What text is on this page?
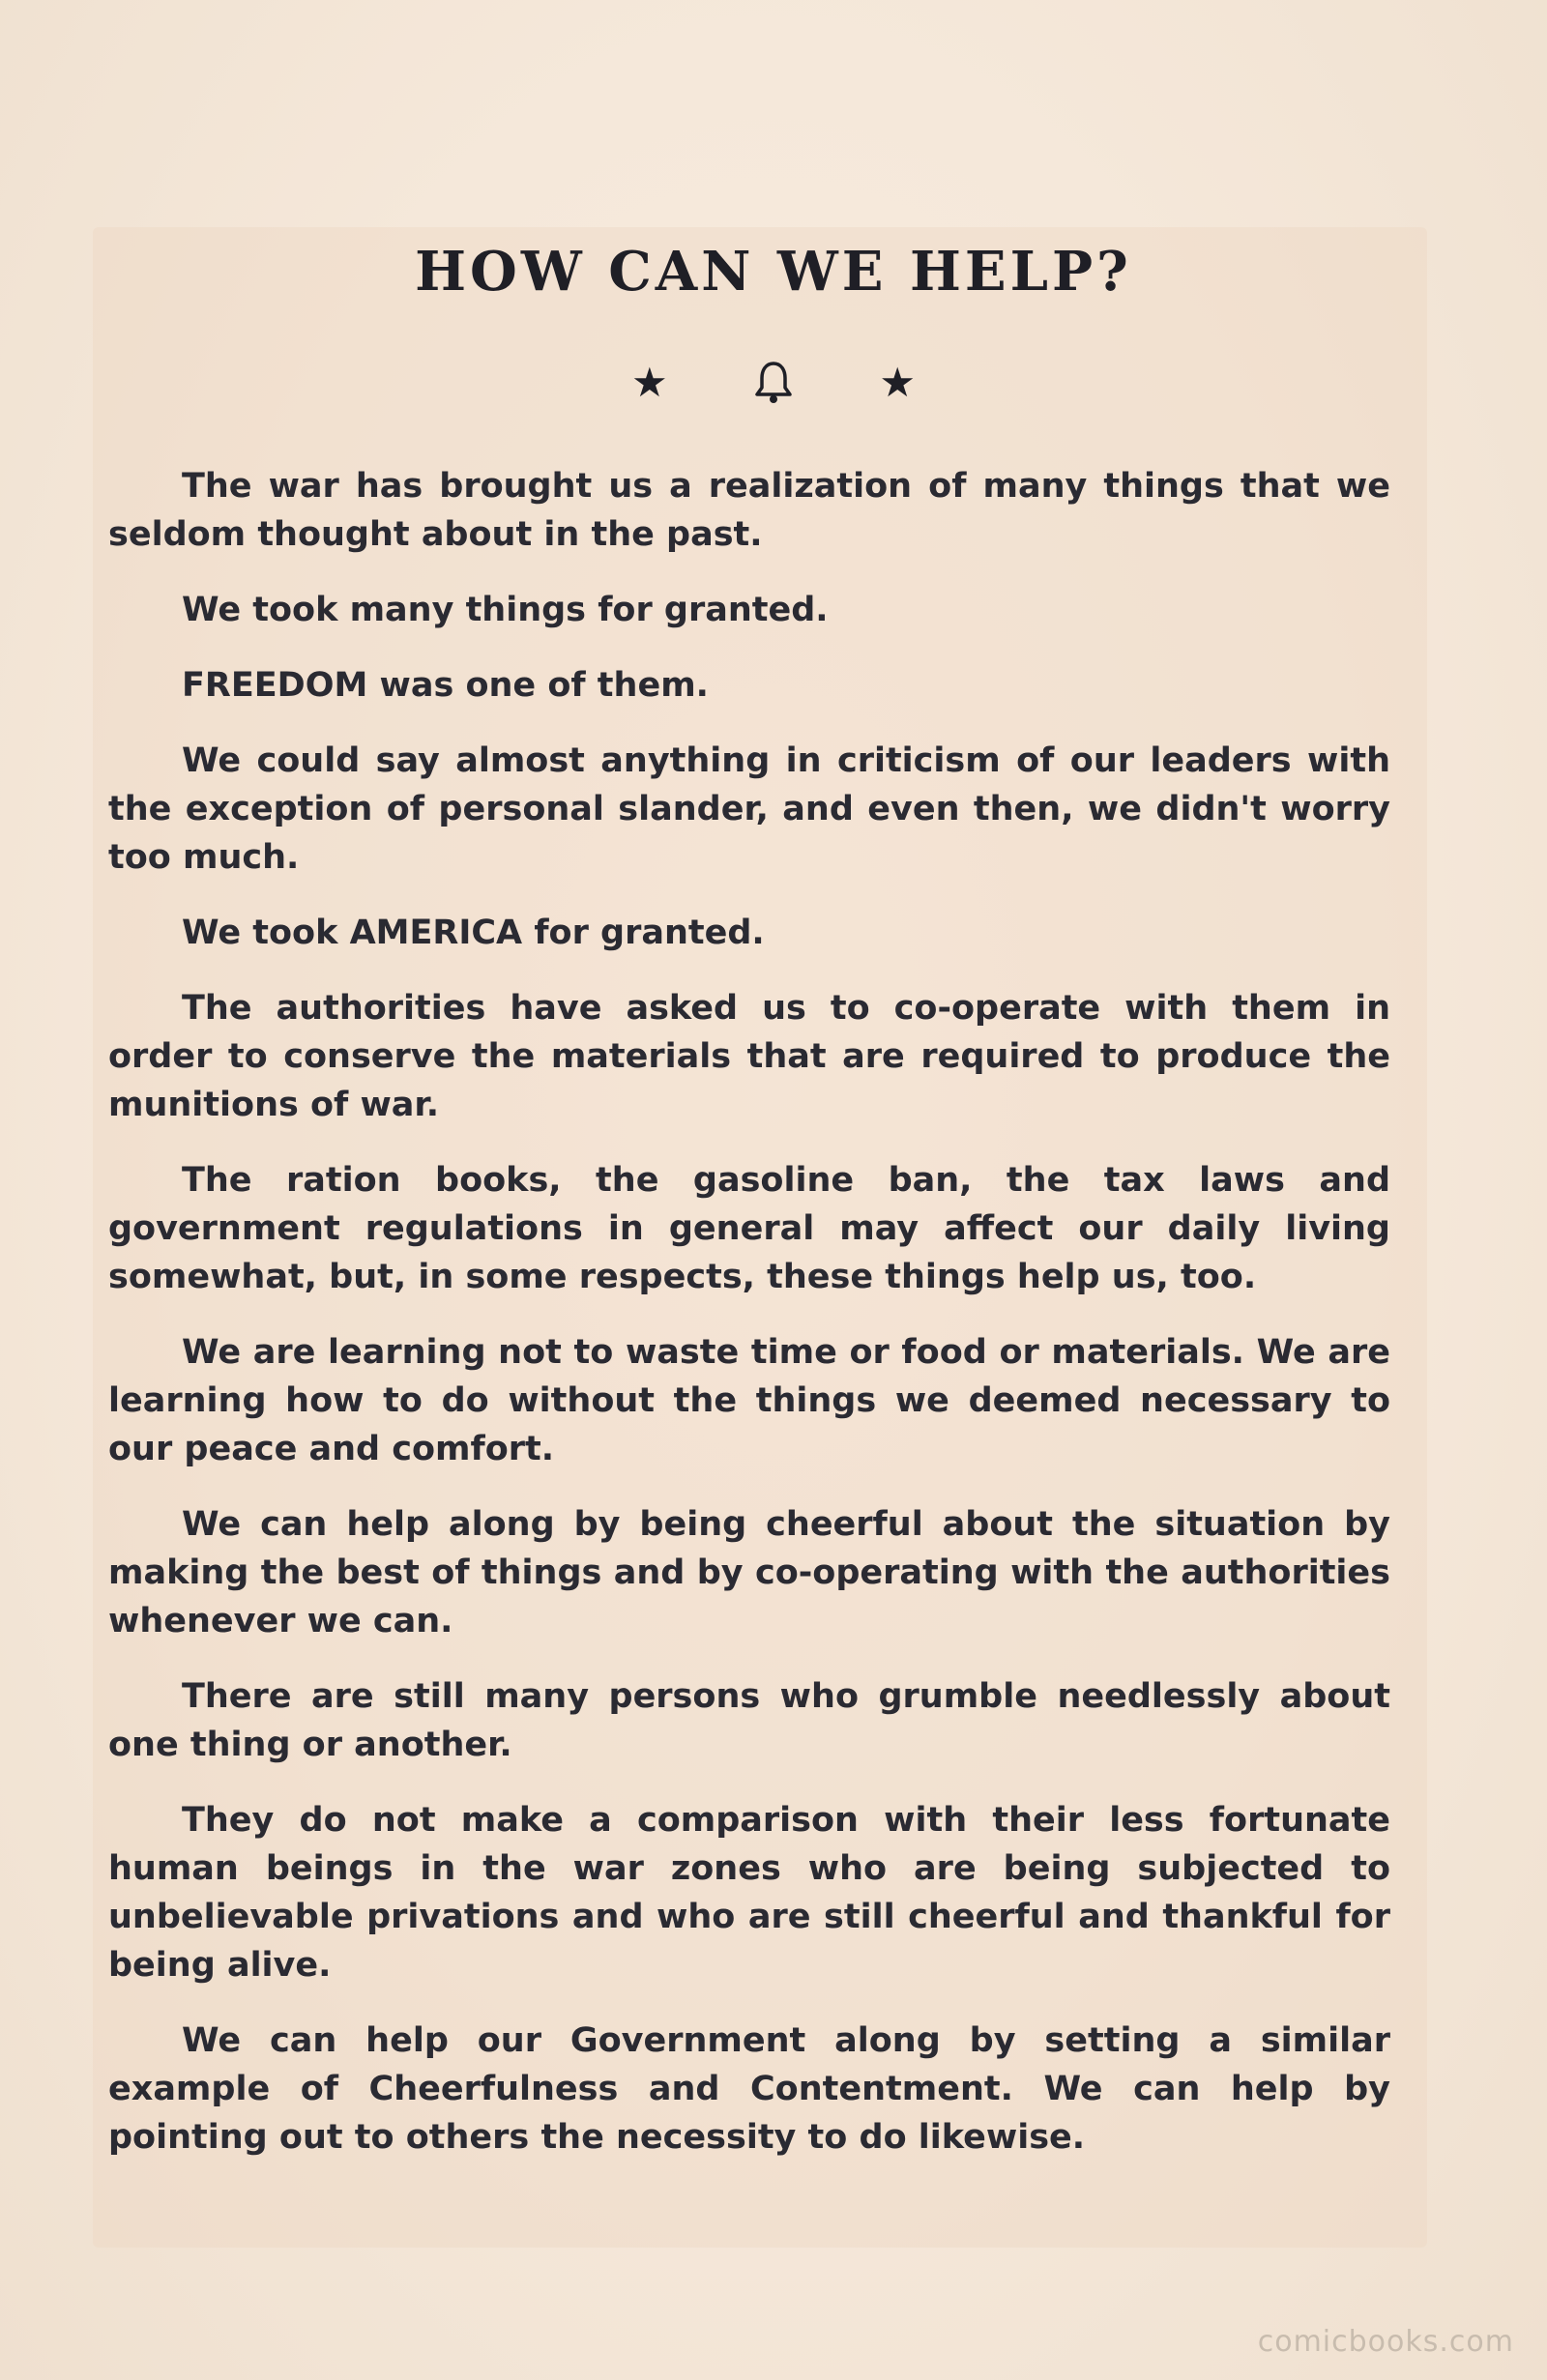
HOW CAN WE HELP?
★	★

The war has brought us a realization of many things that we seldom thought about in the past.

We took many things for granted.

FREEDOM was one of them.

We could say almost anything in criticism of our leaders with the exception of personal slander, and even then, we didn't worry too much.

We took AMERICA for granted.

The authorities have asked us to co-operate with them in order to conserve the materials that are required to produce the munitions of war.

The ration books, the gasoline ban, the tax laws and government regulations in general may affect our daily living somewhat, but, in some respects, these things help us, too.

We are learning not to waste time or food or materials. We are learning how to do without the things we deemed necessary to our peace and comfort.

We can help along by being cheerful about the situation by making the best of things and by co-operating with the authorities whenever we can.

There are still many persons who grumble needlessly about one thing or another.

They do not make a comparison with their less fortunate human beings in the war zones who are being subjected to unbelievable privations and who are still cheerful and thankful for being alive.

We can help our Government along by setting a similar example of Cheerfulness and Contentment. We can help by pointing out to others the necessity to do likewise.

comicbooks.com
